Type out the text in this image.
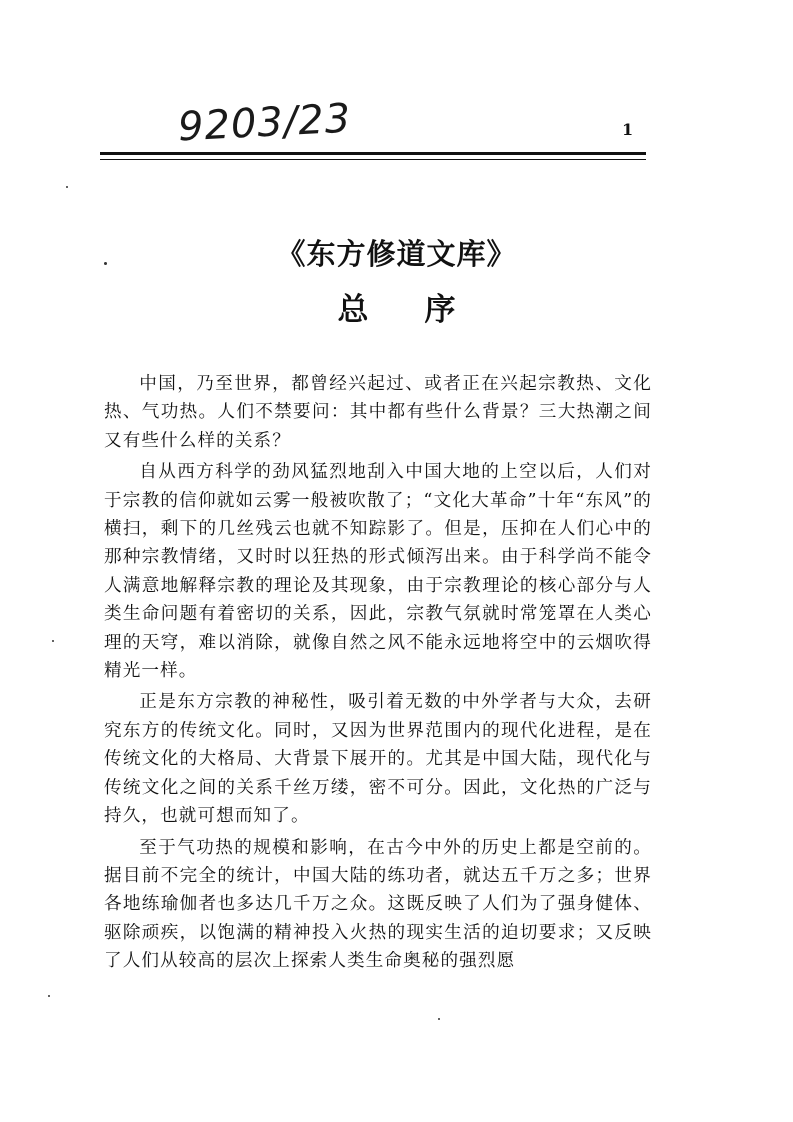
9203/23	1
《东方修道文库》
总序

中国，乃至世界，都曾经兴起过、或者正在兴起宗教热、文化热、气功热。人们不禁要问：其中都有些什么背景？三大热潮之间又有些什么样的关系？

自从西方科学的劲风猛烈地刮入中国大地的上空以后，人们对于宗教的信仰就如云雾一般被吹散了；“文化大革命”十年“东风”的横扫，剩下的几丝残云也就不知踪影了。但是，压抑在人们心中的那种宗教情绪，又时时以狂热的形式倾泻出来。由于科学尚不能令人满意地解释宗教的理论及其现象，由于宗教理论的核心部分与人类生命问题有着密切的关系，因此，宗教气氛就时常笼罩在人类心理的天穹，难以消除，就像自然之风不能永远地将空中的云烟吹得精光一样。

正是东方宗教的神秘性，吸引着无数的中外学者与大众，去研究东方的传统文化。同时，又因为世界范围内的现代化进程，是在传统文化的大格局、大背景下展开的。尤其是中国大陆，现代化与传统文化之间的关系千丝万缕，密不可分。因此，文化热的广泛与持久，也就可想而知了。

至于气功热的规模和影响，在古今中外的历史上都是空前的。据目前不完全的统计，中国大陆的练功者，就达五千万之多；世界各地练瑜伽者也多达几千万之众。这既反映了人们为了强身健体、驱除顽疾，以饱满的精神投入火热的现实生活的迫切要求；又反映了人们从较高的层次上探索人类生命奥秘的强烈愿
